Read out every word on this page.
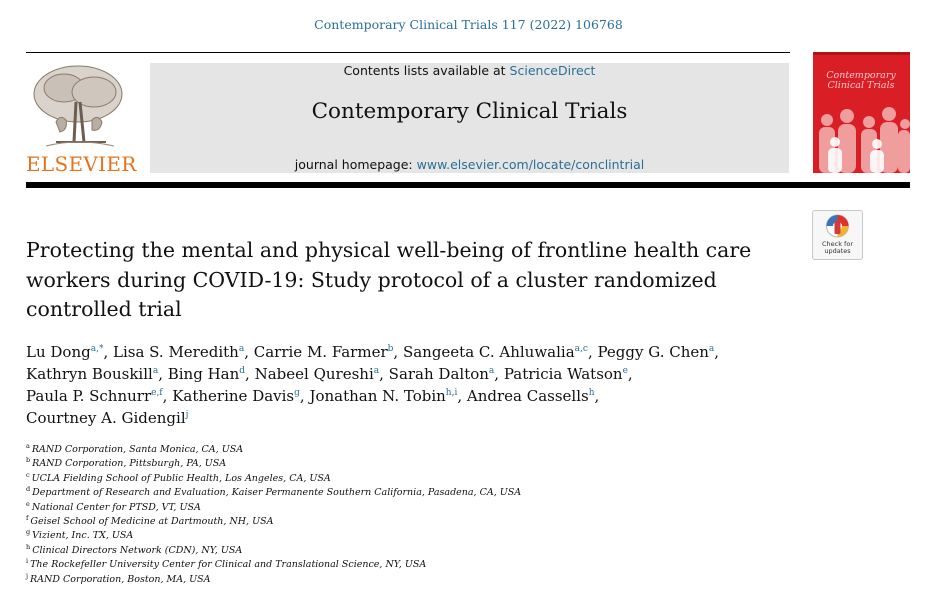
Contemporary Clinical Trials 117 (2022) 106768
ELSEVIER
Contents lists available at ScienceDirect
Contemporary Clinical Trials
journal homepage: www.elsevier.com/locate/conclintrial
Contemporary
Clinical Trials
Check for
updates
Protecting the mental and physical well-being of frontline health care workers during COVID-19: Study protocol of a cluster randomized controlled trial
Lu Dong$^{a,*}$, Lisa S. Meredith$^a$, Carrie M. Farmer$^b$, Sangeeta C. Ahluwalia$^{a,c}$, Peggy G. Chen$^a$,
Kathryn Bouskill$^a$, Bing Han$^d$, Nabeel Qureshi$^a$, Sarah Dalton$^a$, Patricia Watson$^e$,
Paula P. Schnurr$^{e,f}$, Katherine Davis$^g$, Jonathan N. Tobin$^{h,i}$, Andrea Cassells$^h$,
Courtney A. Gidengil$^j$
$^a$ RAND Corporation, Santa Monica, CA, USA
$^b$ RAND Corporation, Pittsburgh, PA, USA
$^c$ UCLA Fielding School of Public Health, Los Angeles, CA, USA
$^d$ Department of Research and Evaluation, Kaiser Permanente Southern California, Pasadena, CA, USA
$^e$ National Center for PTSD, VT, USA
$^f$ Geisel School of Medicine at Dartmouth, NH, USA
$^g$ Vizient, Inc. TX, USA
$^h$ Clinical Directors Network (CDN), NY, USA
$^i$ The Rockefeller University Center for Clinical and Translational Science, NY, USA
$^j$ RAND Corporation, Boston, MA, USA
